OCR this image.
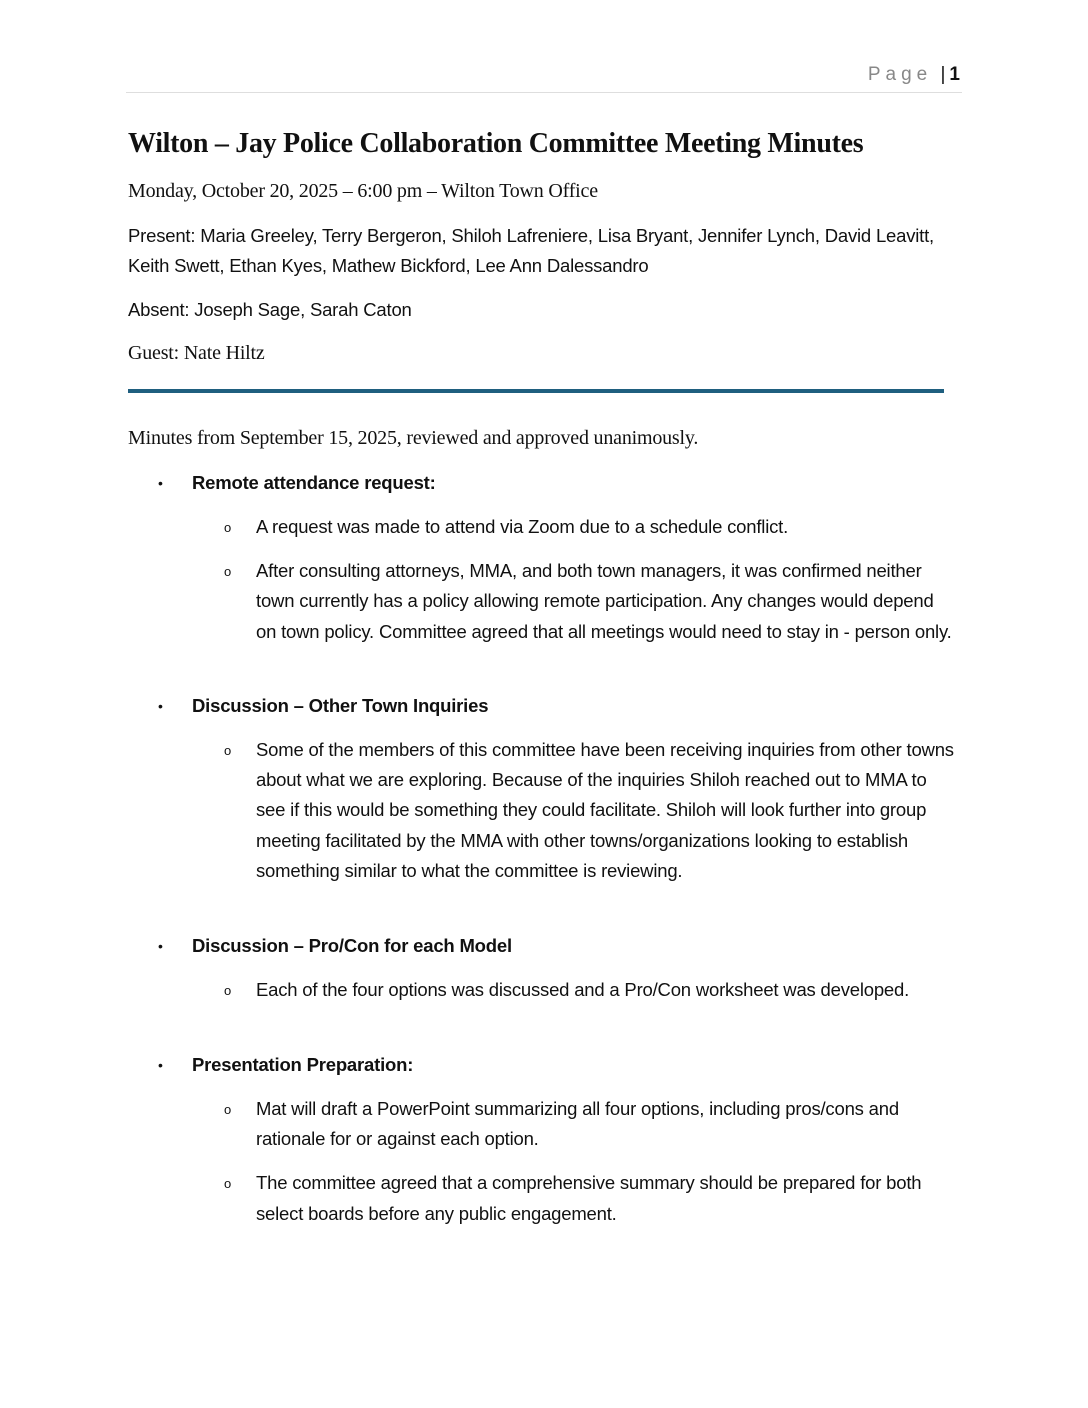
Page | 1
Wilton – Jay Police Collaboration Committee Meeting Minutes
Monday, October 20, 2025 – 6:00 pm – Wilton Town Office
Present: Maria Greeley, Terry Bergeron, Shiloh Lafreniere, Lisa Bryant, Jennifer Lynch, David Leavitt, Keith Swett, Ethan Kyes, Mathew Bickford, Lee Ann Dalessandro
Absent: Joseph Sage, Sarah Caton
Guest: Nate Hiltz
Minutes from September 15, 2025, reviewed and approved unanimously.
• Remote attendance request:
o A request was made to attend via Zoom due to a schedule conflict.
o After consulting attorneys, MMA, and both town managers, it was confirmed neither town currently has a policy allowing remote participation. Any changes would depend on town policy. Committee agreed that all meetings would need to stay in - person only.
• Discussion – Other Town Inquiries
o Some of the members of this committee have been receiving inquiries from other towns about what we are exploring. Because of the inquiries Shiloh reached out to MMA to see if this would be something they could facilitate. Shiloh will look further into group meeting facilitated by the MMA with other towns/organizations looking to establish something similar to what the committee is reviewing.
• Discussion – Pro/Con for each Model
o Each of the four options was discussed and a Pro/Con worksheet was developed.
• Presentation Preparation:
o Mat will draft a PowerPoint summarizing all four options, including pros/cons and rationale for or against each option.
o The committee agreed that a comprehensive summary should be prepared for both select boards before any public engagement.
